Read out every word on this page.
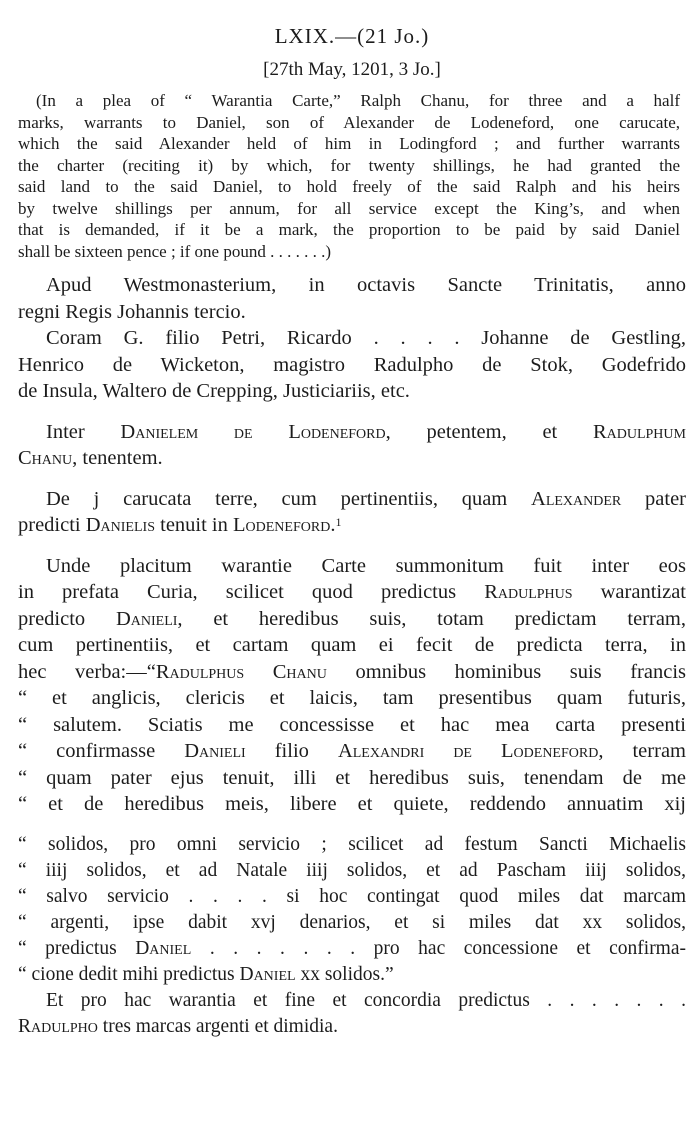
LXIX.—(21 Jo.)
[27th May, 1201, 3 Jo.]
(In a plea of “ Warantia Carte,” Ralph Chanu, for three and a half
marks, warrants to Daniel, son of Alexander de Lodeneford, one carucate,
which the said Alexander held of him in Lodingford ; and further warrants
the charter (reciting it) by which, for twenty shillings, he had granted the
said land to the said Daniel, to hold freely of the said Ralph and his heirs
by twelve shillings per annum, for all service except the King’s, and when
that is demanded, if it be a mark, the proportion to be paid by said Daniel
shall be sixteen pence ; if one pound . . . . . . .)
Apud Westmonasterium, in octavis Sancte Trinitatis, anno
regni Regis Johannis tercio.
Coram G. filio Petri, Ricardo . . . . Johanne de Gestling,
Henrico de Wicketon, magistro Radulpho de Stok, Godefrido
de Insula, Waltero de Crepping, Justiciariis, etc.
Inter Danielem de Lodeneford, petentem, et Radulphum
Chanu, tenentem.
De j carucata terre, cum pertinentiis, quam Alexander pater
predicti Danielis tenuit in Lodeneford.$^1$
Unde placitum warantie Carte summonitum fuit inter eos
in prefata Curia, scilicet quod predictus Radulphus warantizat
predicto Danieli, et heredibus suis, totam predictam terram,
cum pertinentiis, et cartam quam ei fecit de predicta terra, in
hec verba:—“Radulphus Chanu omnibus hominibus suis francis
“ et anglicis, clericis et laicis, tam presentibus quam futuris,
“ salutem. Sciatis me concessisse et hac mea carta presenti
“ confirmasse Danieli filio Alexandri de Lodeneford, terram
“ quam pater ejus tenuit, illi et heredibus suis, tenendam de me
“ et de heredibus meis, libere et quiete, reddendo annuatim xij
“ solidos, pro omni servicio ; scilicet ad festum Sancti Michaelis
“ iiij solidos, et ad Natale iiij solidos, et ad Pascham iiij solidos,
“ salvo servicio . . . . si hoc contingat quod miles dat marcam
“ argenti, ipse dabit xvj denarios, et si miles dat xx solidos,
“ predictus Daniel . . . . . . . pro hac concessione et confirma-
“ cione dedit mihi predictus Daniel xx solidos.”
Et pro hac warantia et fine et concordia predictus . . . . . . .
Radulpho tres marcas argenti et dimidia.
